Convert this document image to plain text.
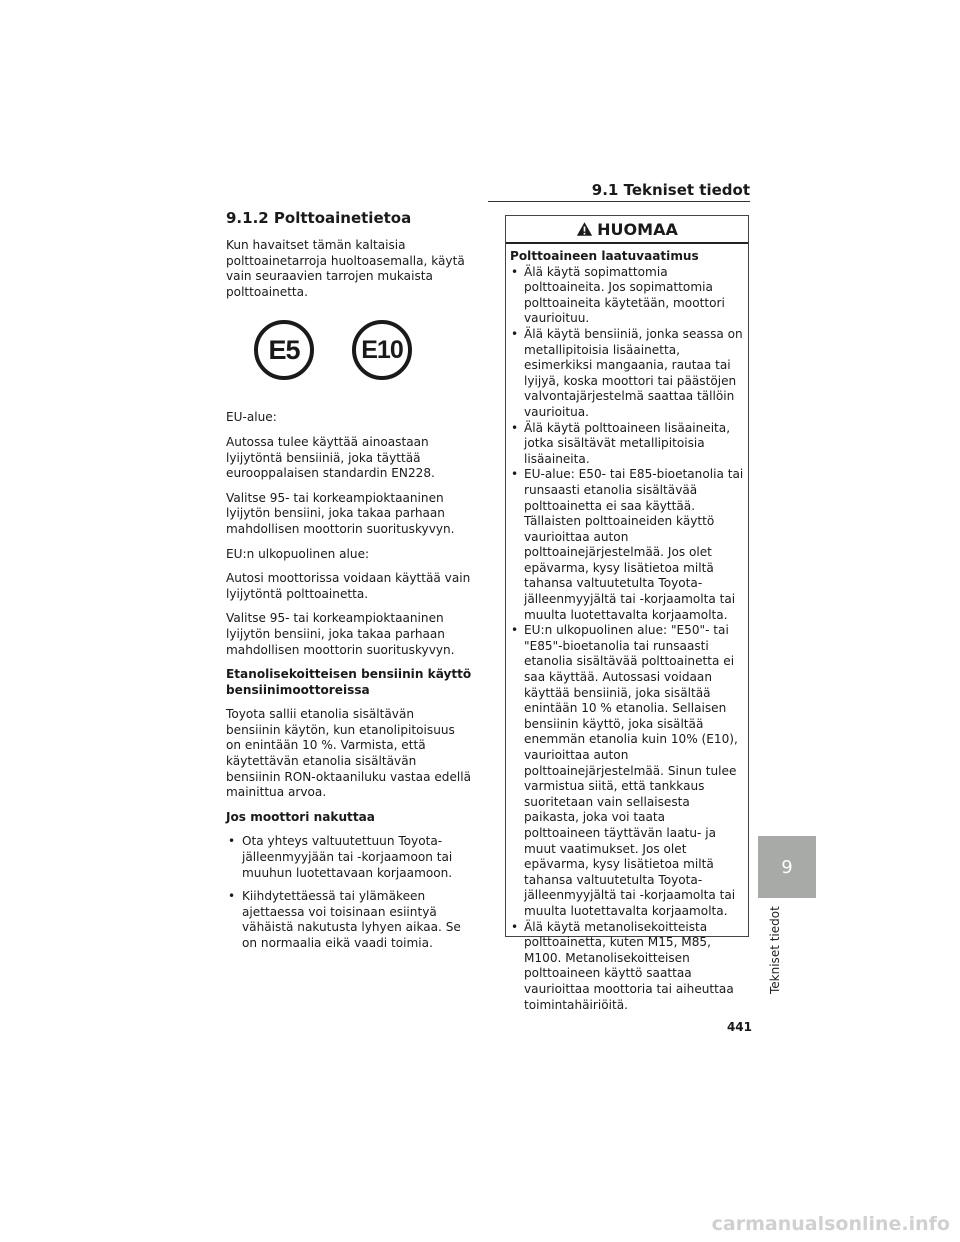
9.1 Tekniset tiedot
9.1.2 Polttoainetietoa

Kun havaitset tämän kaltaisia polttoainetarroja huoltoasemalla, käytä vain seuraavien tarrojen mukaista polttoainetta.

E5	E10

EU-alue:

Autossa tulee käyttää ainoastaan lyijytöntä bensiiniä, joka täyttää eurooppalaisen standardin EN228.

Valitse 95- tai korkeampioktaaninen lyijytön bensiini, joka takaa parhaan mahdollisen moottorin suorituskyvyn.

EU:n ulkopuolinen alue:

Autosi moottorissa voidaan käyttää vain lyijytöntä polttoainetta.

Valitse 95- tai korkeampioktaaninen lyijytön bensiini, joka takaa parhaan mahdollisen moottorin suorituskyvyn.

Etanolisekoitteisen bensiinin käyttö bensiinimoottoreissa

Toyota sallii etanolia sisältävän bensiinin käytön, kun etanolipitoisuus on enintään 10 %. Varmista, että käytettävän etanolia sisältävän bensiinin RON-oktaaniluku vastaa edellä mainittua arvoa.

Jos moottori nakuttaa

• Ota yhteys valtuutettuun Toyota-jälleenmyyjään tai -korjaamoon tai muuhun luotettavaan korjaamoon.
• Kiihdytettäessä tai ylämäkeen ajettaessa voi toisinaan esiintyä vähäistä nakutusta lyhyen aikaa. Se on normaalia eikä vaadi toimia.
HUOMAA

Polttoaineen laatuvaatimus

• Älä käytä sopimattomia polttoaineita. Jos sopimattomia polttoaineita käytetään, moottori vaurioituu.
• Älä käytä bensiiniä, jonka seassa on metallipitoisia lisäainetta, esimerkiksi mangaania, rautaa tai lyijyä, koska moottori tai päästöjen valvontajärjestelmä saattaa tällöin vaurioitua.
• Älä käytä polttoaineen lisäaineita, jotka sisältävät metallipitoisia lisäaineita.
• EU-alue: E50- tai E85-bioetanolia tai runsaasti etanolia sisältävää polttoainetta ei saa käyttää. Tällaisten polttoaineiden käyttö vaurioittaa auton polttoainejärjestelmää. Jos olet epävarma, kysy lisätietoa miltä tahansa valtuutetulta Toyota-jälleenmyyjältä tai -korjaamolta tai muulta luotettavalta korjaamolta.
• EU:n ulkopuolinen alue: "E50"- tai "E85"-bioetanolia tai runsaasti etanolia sisältävää polttoainetta ei saa käyttää. Autossasi voidaan käyttää bensiiniä, joka sisältää enintään 10 % etanolia. Sellaisen bensiinin käyttö, joka sisältää enemmän etanolia kuin 10% (E10), vaurioittaa auton polttoainejärjestelmää. Sinun tulee varmistua siitä, että tankkaus suoritetaan vain sellaisesta paikasta, joka voi taata polttoaineen täyttävän laatu- ja muut vaatimukset. Jos olet epävarma, kysy lisätietoa miltä tahansa valtuutetulta Toyota-jälleenmyyjältä tai -korjaamolta tai muulta luotettavalta korjaamolta.
• Älä käytä metanolisekoitteista polttoainetta, kuten M15, M85, M100. Metanolisekoitteisen polttoaineen käyttö saattaa vaurioittaa moottoria tai aiheuttaa toimintahäiriöitä.
9
Tekniset tiedot
441
carmanualsonline.info
